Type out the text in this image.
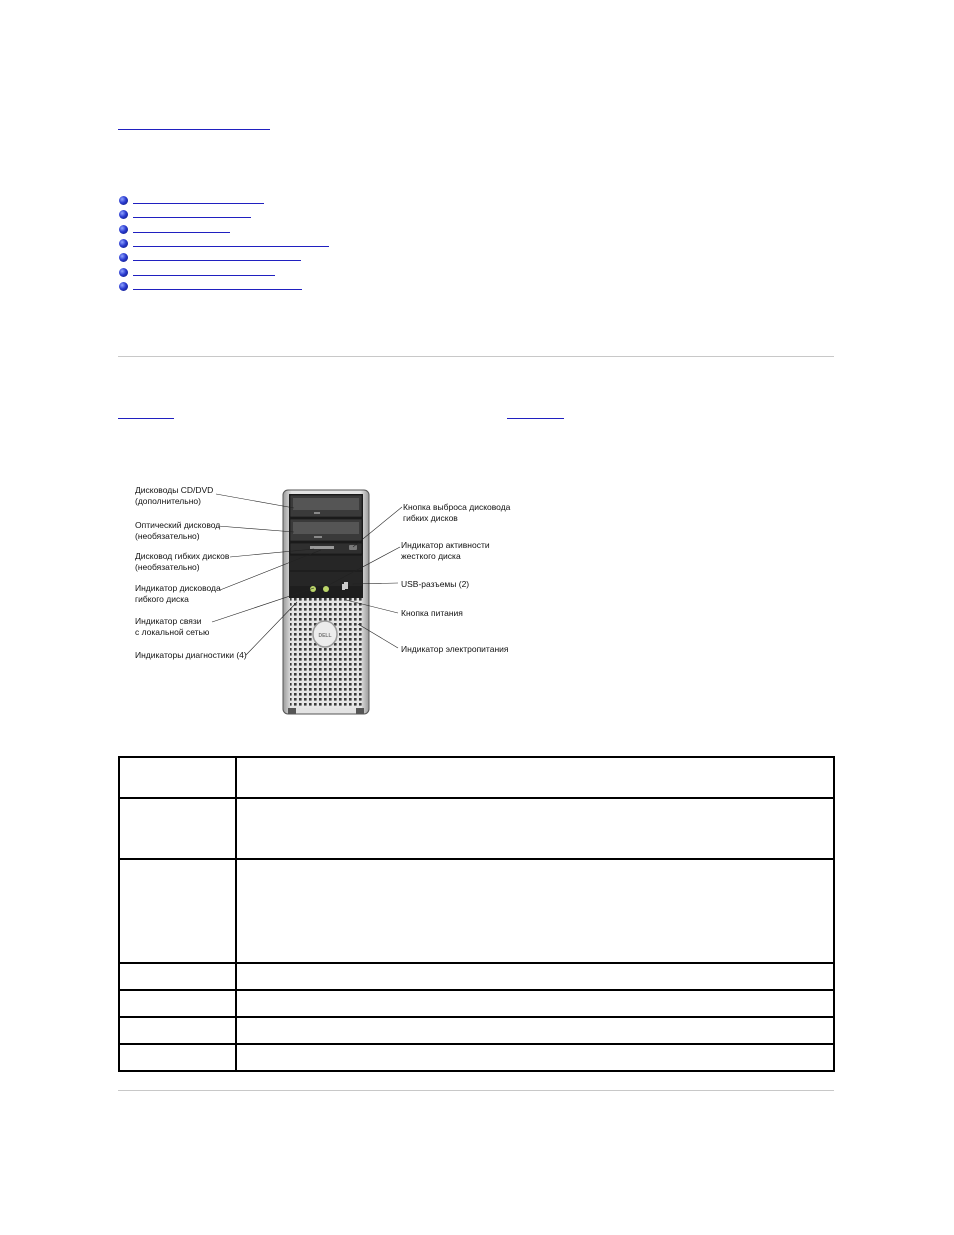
DELL
Дисководы CD/DVD (дополнительно)
Оптический дисковод (необязательно)
Дисковод гибких дисков (необязательно)
Индикатор дисковода гибкого диска
Индикатор связи с локальной сетью
Индикаторы диагностики (4)
Кнопка выброса дисковода гибких дисков
Индикатор активности жесткого диска
USB-разъемы (2)
Кнопка питания
Индикатор электропитания
